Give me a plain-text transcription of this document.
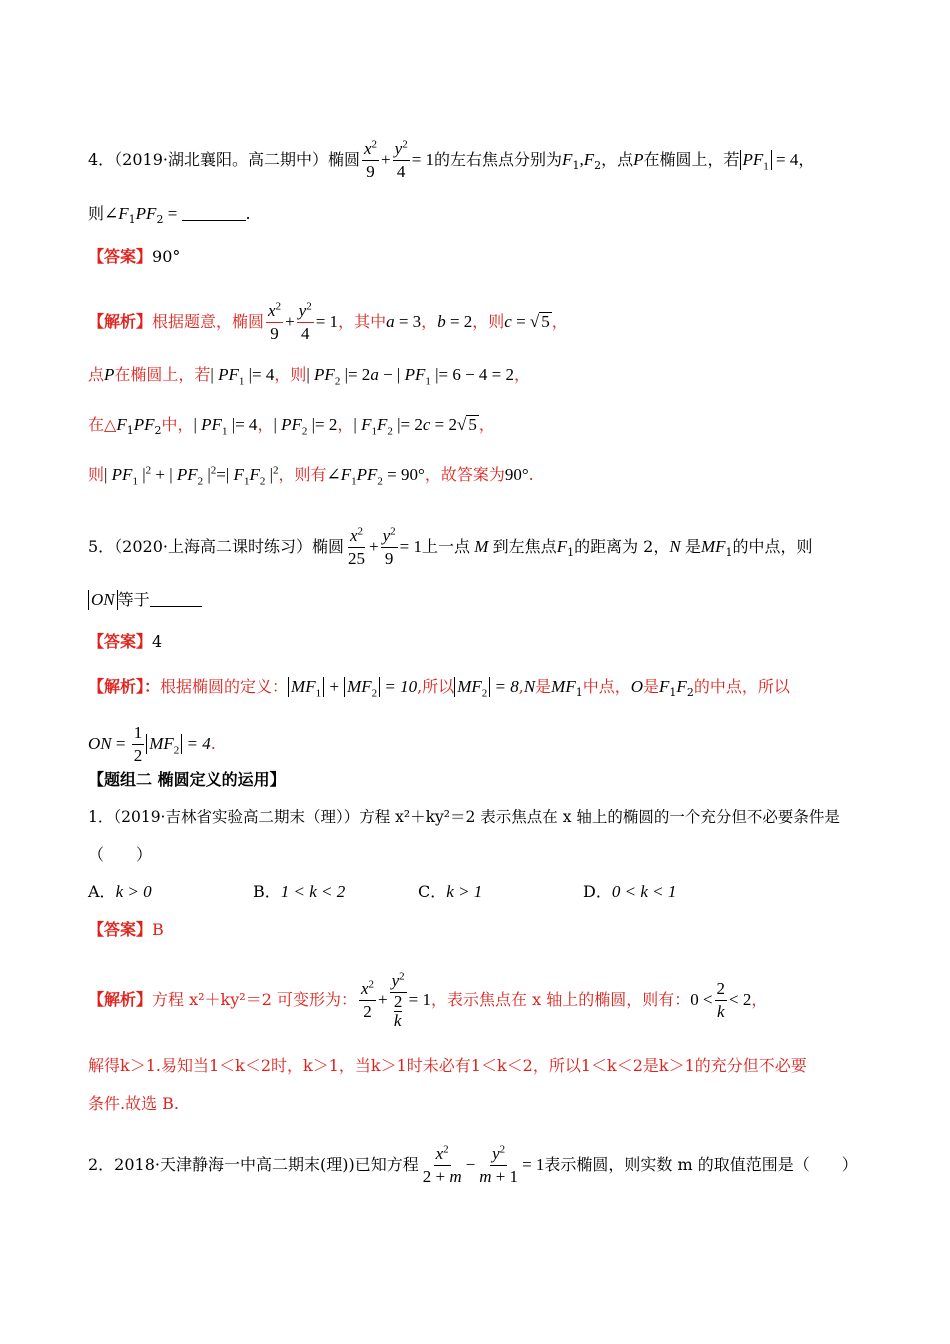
4．（2019·湖北襄阳。高二期中）椭圆 $\frac{x^2}{9} + \frac{y^2}{4} = 1$的左右焦点分别为$F_1,F_2$，点P在椭圆上，若 $PF_1 = 4$，
则$\angle F_1PF_2$ =	.
【答案】90°
【解析】根据题意，椭圆 $\frac{x^2}{9} + \frac{y^2}{4} = 1$，其中a = 3，b = 2，则c = √ 5 ，
点P在椭圆上，若| $PF_1$ |= 4，则| $PF_2$ |= 2a − | $PF_1$ |= 6 − 4 = 2，
在$\triangle F_1PF_2$中，| $PF_1$ |= 4，| $PF_2$ |= 2，| $F_1F_2$ |= 2c = 2√ 5 ，
则| $PF_1$ $|^2$ + | $PF_2$ $|^2=|$ $F_1F_2$ $|^2$，则有$\angle F_1PF_2 = 90^\circ$，故答案为90°.
5．（2020·上海高二课时练习）椭圆 $\frac{x^2}{25} + \frac{y^2}{9} = 1$上一点 M 到左焦点$F_1$的距离为 2，N 是$MF_1$的中点，则
ON 等于
【答案】4
【解析】：根据椭圆的定义： $MF_1 + MF_2 = 10$,所以 $MF_2 = 8,N$是$MF_1$中点，O是$F_1F_2$的中点，所以
ON = $\frac{1}{2} MF_2 = 4$.
【题组二 椭圆定义的运用】
1．（2019·吉林省实验高二期末（理））方程 x²＋ky²＝2 表示焦点在 x 轴上的椭圆的一个充分但不必要条件是
（　　）
A．k > 0	B．1 < k < 2	C．k > 1	D．0 < k < 1
【答案】B
【解析】 方程 x²＋ky²＝2 可变形为： $\frac{x^2}{2} + y^2$
2
k = 1 ，表示焦点在 x 轴上的椭圆，则有： $0 < \frac{2}{k} < 2$ ，
解得k＞1.易知当1＜k＜2时，k＞1，当k＞1时未必有1＜k＜2，所以1＜k＜2是k＞1的充分但不必要
条件.故选 B.
2．2018·天津静海一中高二期末(理))已知方程 $\frac{x^2}{2 + m} - \frac{y^2}{m + 1} = 1$表示椭圆，则实数 m 的取值范围是（　　）
